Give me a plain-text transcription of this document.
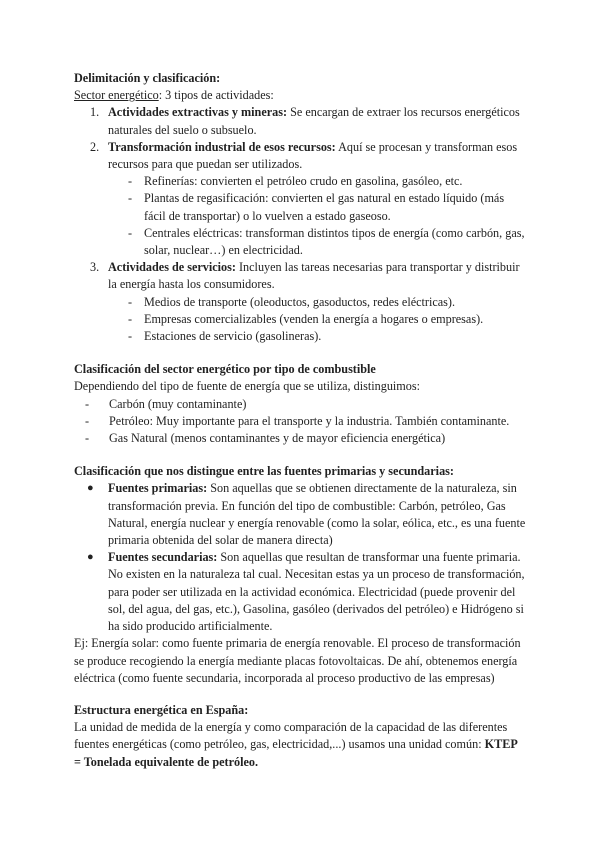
Delimitación y clasificación:
Sector energético: 3 tipos de actividades:
1. Actividades extractivas y mineras: Se encargan de extraer los recursos energéticos naturales del suelo o subsuelo.
2. Transformación industrial de esos recursos: Aquí se procesan y transforman esos recursos para que puedan ser utilizados.
- Refinerías: convierten el petróleo crudo en gasolina, gasóleo, etc.
- Plantas de regasificación: convierten el gas natural en estado líquido (más fácil de transportar) o lo vuelven a estado gaseoso.
- Centrales eléctricas: transforman distintos tipos de energía (como carbón, gas, solar, nuclear…) en electricidad.
3. Actividades de servicios: Incluyen las tareas necesarias para transportar y distribuir la energía hasta los consumidores.
- Medios de transporte (oleoductos, gasoductos, redes eléctricas).
- Empresas comercializables (venden la energía a hogares o empresas).
- Estaciones de servicio (gasolineras).
Clasificación del sector energético por tipo de combustible
Dependiendo del tipo de fuente de energía que se utiliza, distinguimos:
- Carbón (muy contaminante)
- Petróleo: Muy importante para el transporte y la industria. También contaminante.
- Gas Natural (menos contaminantes y de mayor eficiencia energética)
Clasificación que nos distingue entre las fuentes primarias y secundarias:
● Fuentes primarias: Son aquellas que se obtienen directamente de la naturaleza, sin transformación previa. En función del tipo de combustible: Carbón, petróleo, Gas Natural, energía nuclear y energía renovable (como la solar, eólica, etc., es una fuente primaria obtenida del solar de manera directa)
● Fuentes secundarias: Son aquellas que resultan de transformar una fuente primaria. No existen en la naturaleza tal cual. Necesitan estas ya un proceso de transformación, para poder ser utilizada en la actividad económica. Electricidad (puede provenir del sol, del agua, del gas, etc.), Gasolina, gasóleo (derivados del petróleo) e Hidrógeno si ha sido producido artificialmente.
Ej: Energía solar: como fuente primaria de energía renovable. El proceso de transformación se produce recogiendo la energía mediante placas fotovoltaicas. De ahí, obtenemos energía eléctrica (como fuente secundaria, incorporada al proceso productivo de las empresas)
Estructura energética en España:
La unidad de medida de la energía y como comparación de la capacidad de las diferentes fuentes energéticas (como petróleo, gas, electricidad,...) usamos una unidad común: KTEP = Tonelada equivalente de petróleo.
